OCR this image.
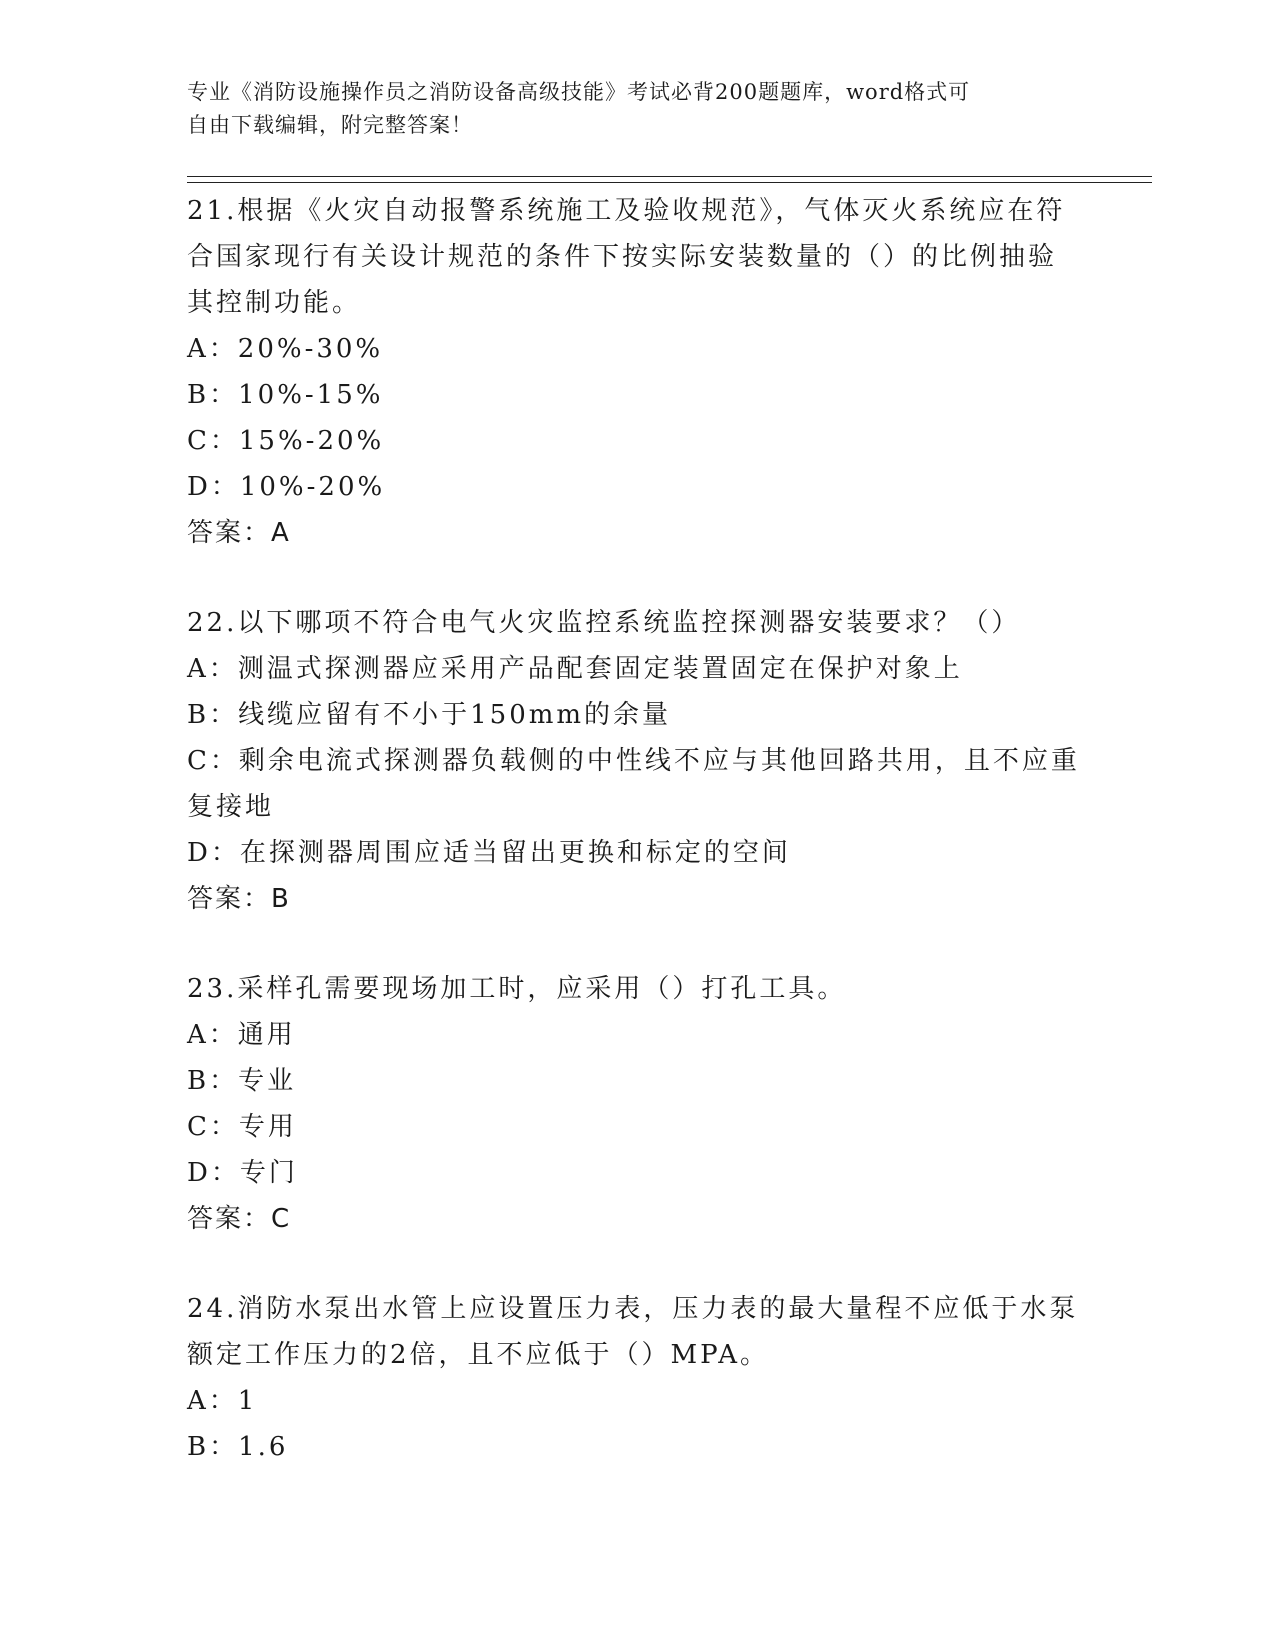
专业《消防设施操作员之消防设备高级技能》考试必背200题题库，word格式可
自由下载编辑，附完整答案！
21.根据《火灾自动报警系统施工及验收规范》，气体灭火系统应在符
合国家现行有关设计规范的条件下按实际安装数量的（）的比例抽验
其控制功能。
A：20%-30%
B：10%-15%
C：15%-20%
D：10%-20%
答案：A
22.以下哪项不符合电气火灾监控系统监控探测器安装要求？（）
A：测温式探测器应采用产品配套固定装置固定在保护对象上
B：线缆应留有不小于150mm的余量
C：剩余电流式探测器负载侧的中性线不应与其他回路共用，且不应重
复接地
D：在探测器周围应适当留出更换和标定的空间
答案：B
23.采样孔需要现场加工时，应采用（）打孔工具。
A：通用
B：专业
C：专用
D：专门
答案：C
24.消防水泵出水管上应设置压力表，压力表的最大量程不应低于水泵
额定工作压力的2倍，且不应低于（）MPA。
A：1
B：1.6
